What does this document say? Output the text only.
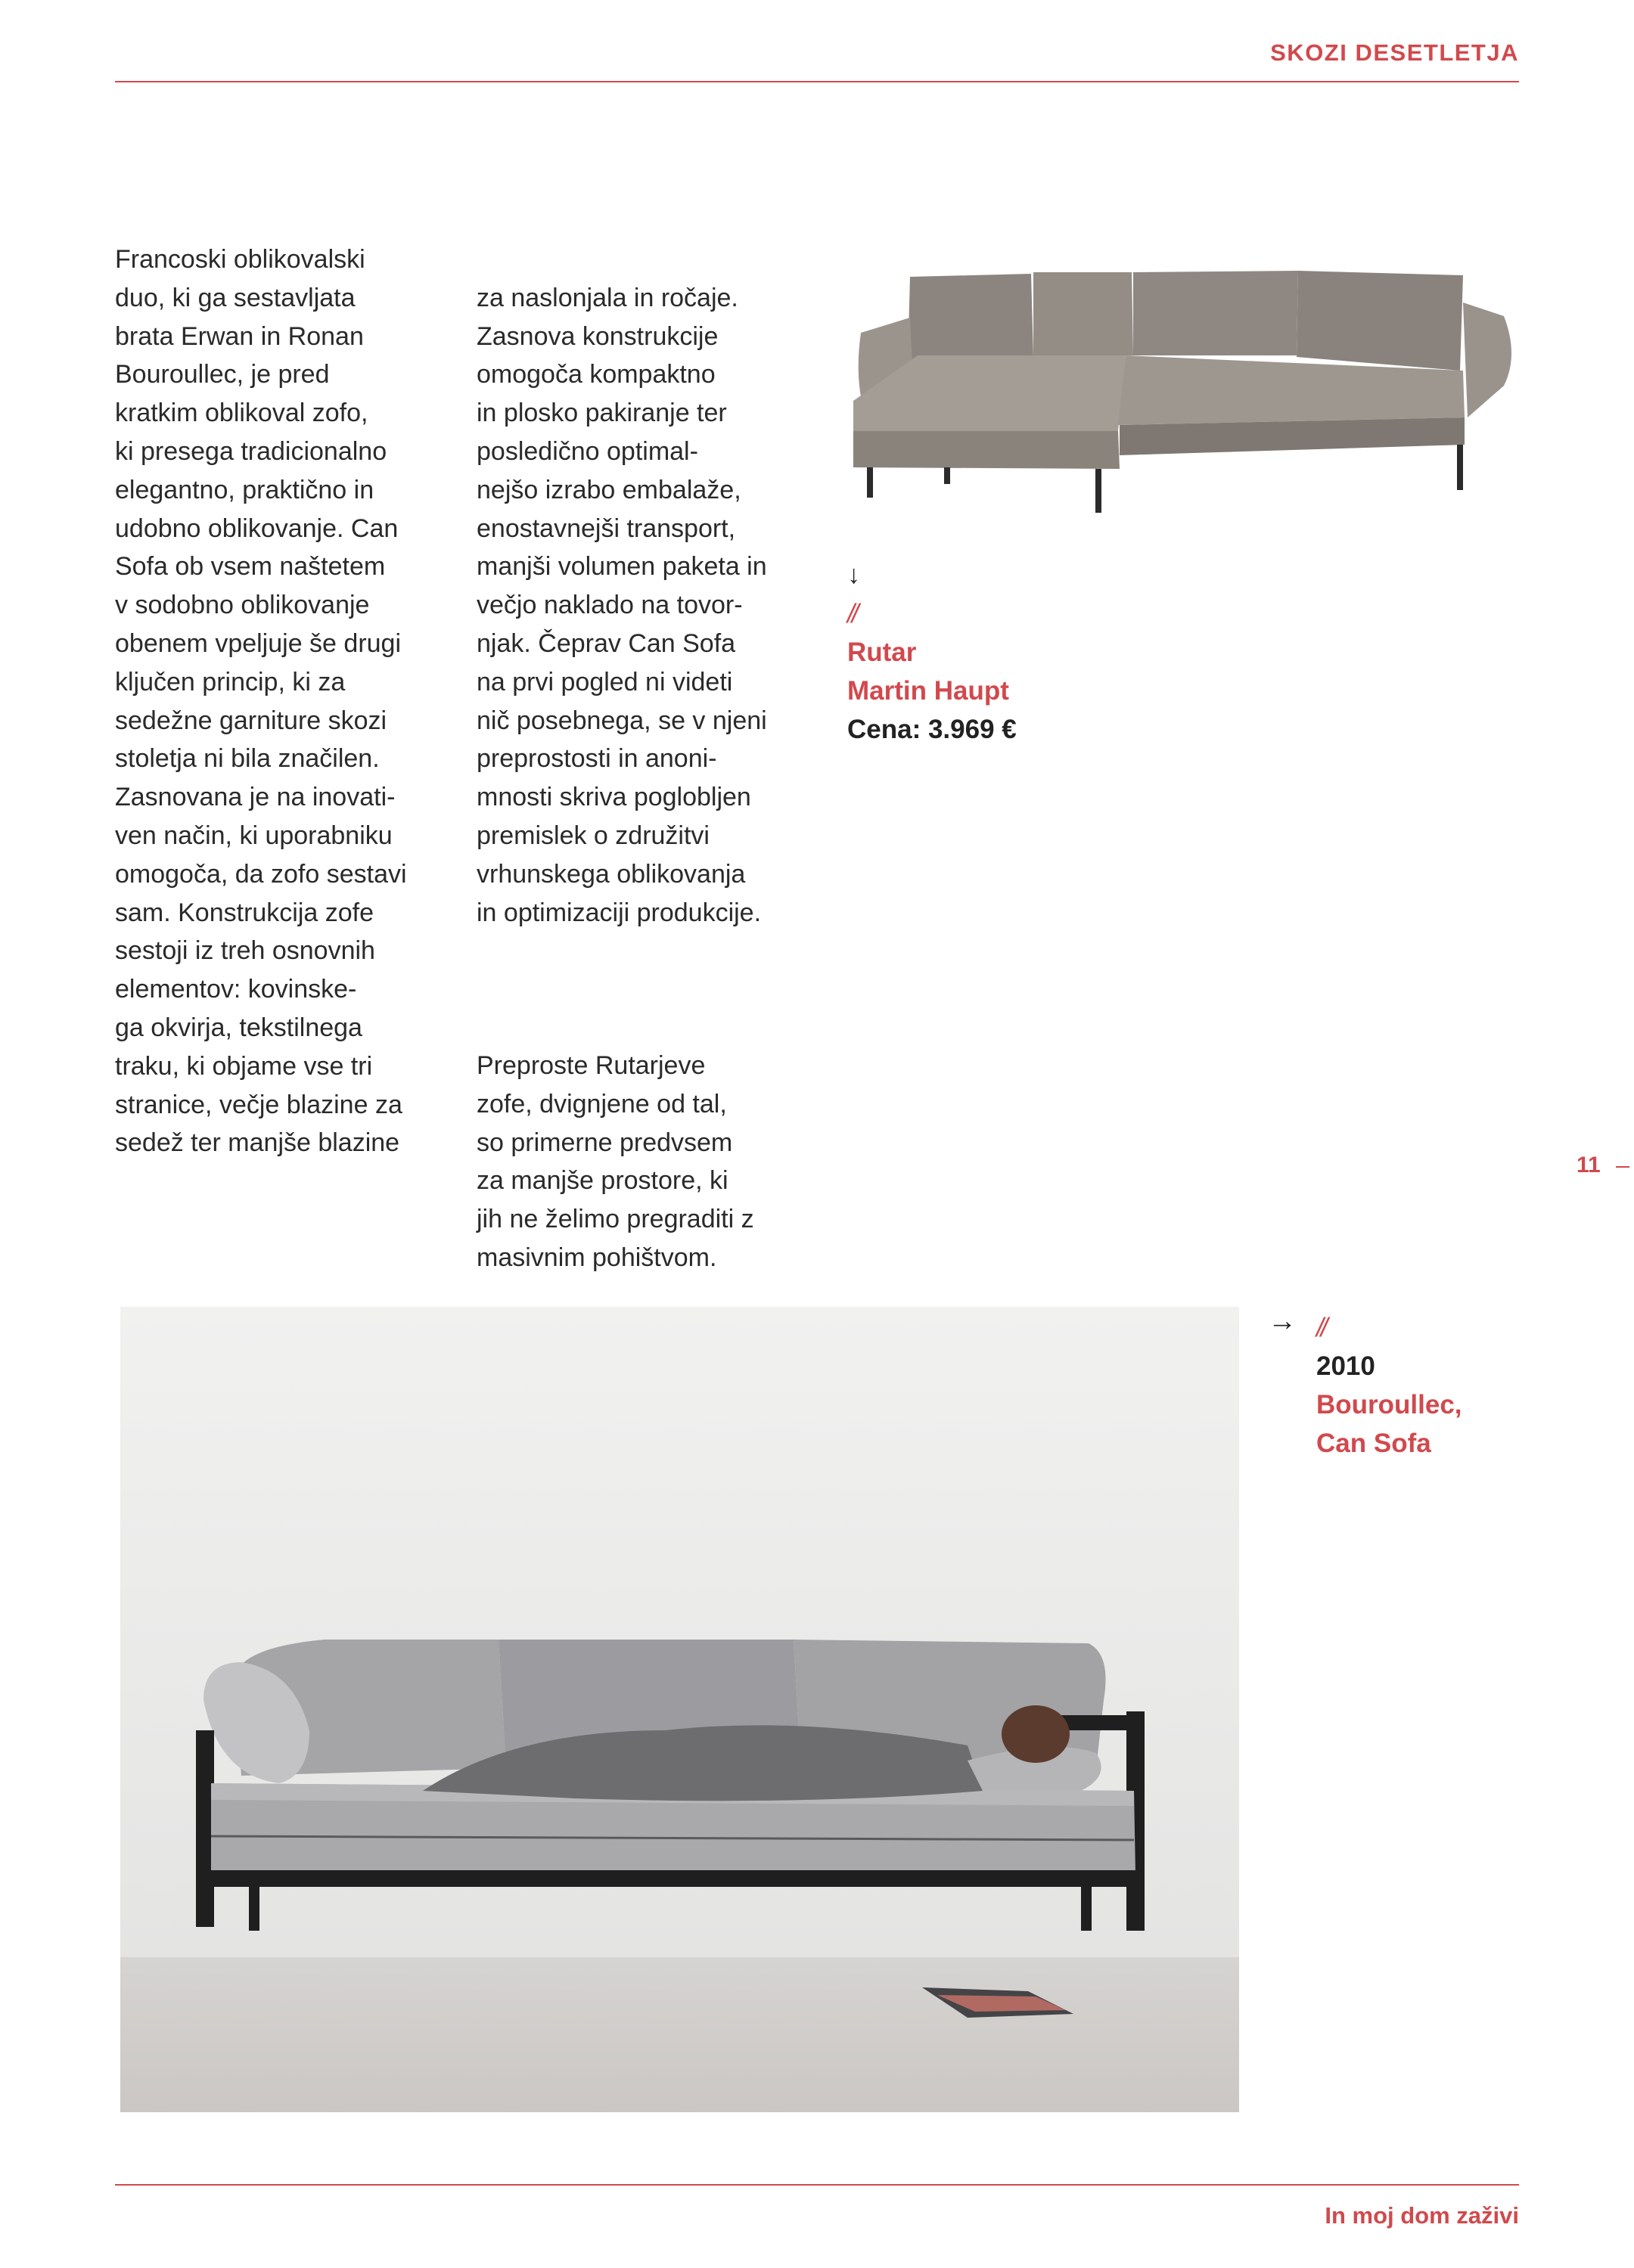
SKOZI DESETLETJA
Francoski oblikovalski
duo, ki ga sestavljata
brata Erwan in Ronan
Bouroullec, je pred
kratkim oblikoval zofo,
ki presega tradicionalno
elegantno, praktično in
udobno oblikovanje. Can
Sofa ob vsem naštetem
v sodobno oblikovanje
obenem vpeljuje še drugi
ključen princip, ki za
sedežne garniture skozi
stoletja ni bila značilen.
Zasnovana je na inovati-
ven način, ki uporabniku
omogoča, da zofo sestavi
sam. Konstrukcija zofe
sestoji iz treh osnovnih
elementov: kovinske-
ga okvirja, tekstilnega
traku, ki objame vse tri
stranice, večje blazine za
sedež ter manjše blazine

za naslonjala in ročaje.
Zasnova konstrukcije
omogoča kompaktno
in plosko pakiranje ter
posledično optimal-
nejšo izrabo embalaže,
enostavnejši transport,
manjši volumen paketa in
večjo naklado na tovor-
njak. Čeprav Can Sofa
na prvi pogled ni videti
nič posebnega, se v njeni
preprostosti in anoni-
mnosti skriva poglobljen
premislek o združitvi
vrhunskega oblikovanja
in optimizaciji produkcije.

Preproste Rutarjeve
zofe, dvignjene od tal,
so primerne predvsem
za manjše prostore, ki
jih ne želimo pregraditi z
masivnim pohištvom.

↓
//
Rutar
Martin Haupt
Cena: 3.969 €
11
→ //
2010
Bouroullec,
Can Sofa
In moj dom zaživi
